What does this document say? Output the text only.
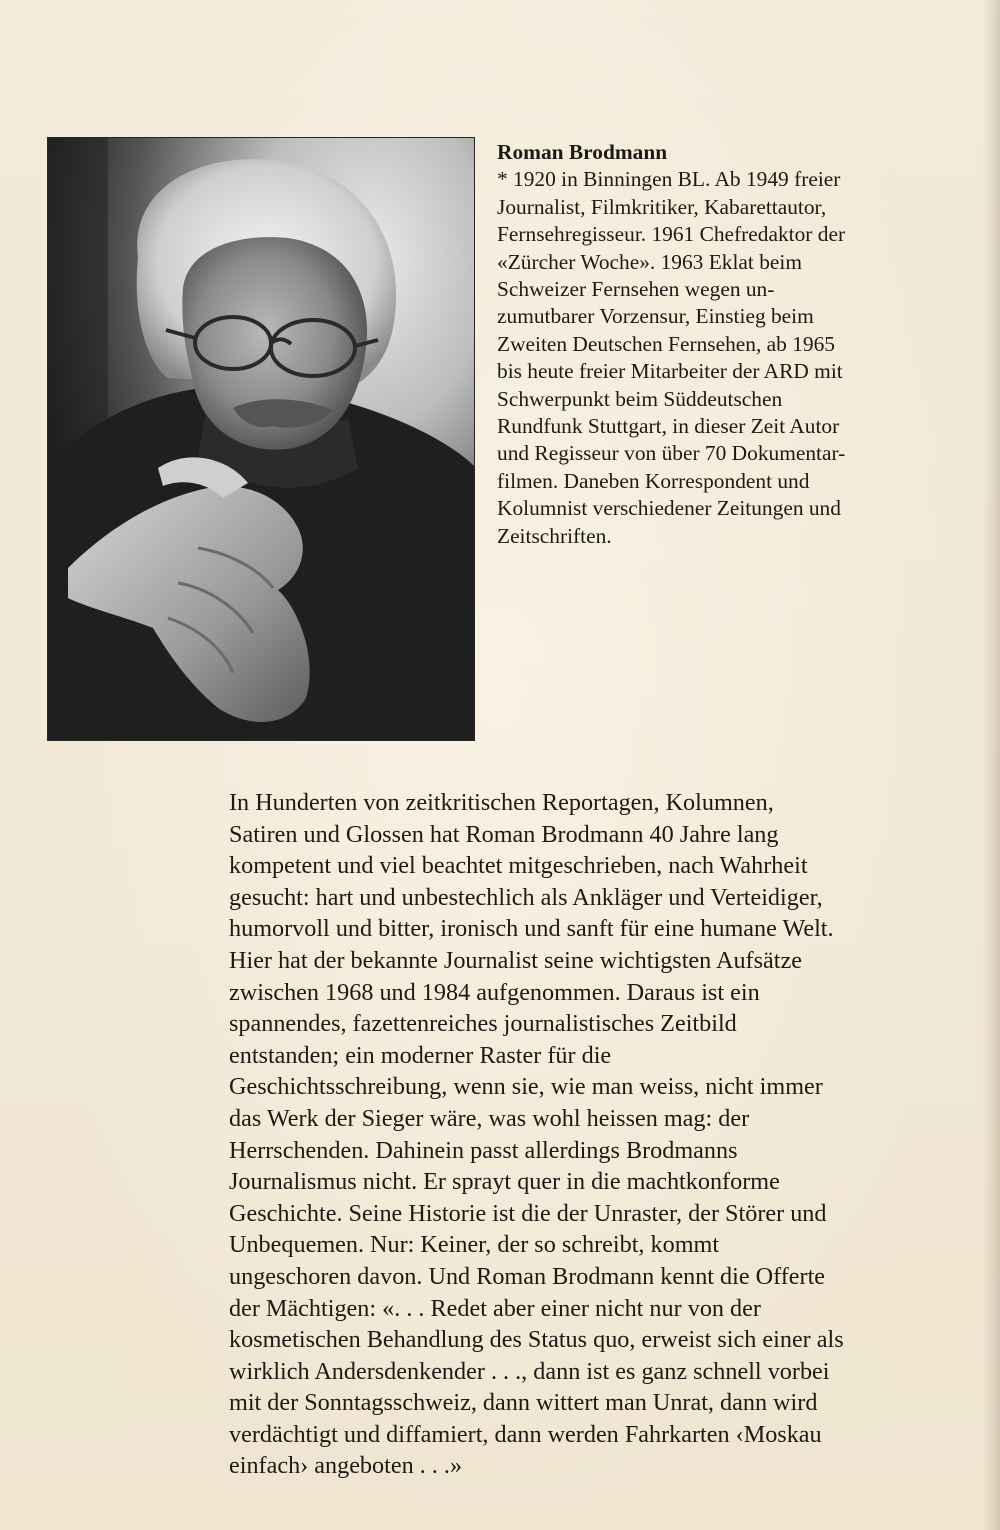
Roman Brodmann

* 1920 in Binningen BL. Ab 1949 freier

Journalist, Filmkritiker, Kabarettautor,

Fernsehregisseur. 1961 Chefredaktor der

«Zürcher Woche». 1963 Eklat beim

Schweizer Fernsehen wegen un-

zumutbarer Vorzensur, Einstieg beim

Zweiten Deutschen Fernsehen, ab 1965

bis heute freier Mitarbeiter der ARD mit

Schwerpunkt beim Süddeutschen

Rundfunk Stuttgart, in dieser Zeit Autor

und Regisseur von über 70 Dokumentar-

filmen. Daneben Korrespondent und

Kolumnist verschiedener Zeitungen und

Zeitschriften.

In Hunderten von zeitkritischen Reportagen, Kolumnen,

Satiren und Glossen hat Roman Brodmann 40 Jahre lang

kompetent und viel beachtet mitgeschrieben, nach Wahrheit

gesucht: hart und unbestechlich als Ankläger und Verteidiger,

humorvoll und bitter, ironisch und sanft für eine humane Welt.

Hier hat der bekannte Journalist seine wichtigsten Aufsätze

zwischen 1968 und 1984 aufgenommen. Daraus ist ein

spannendes, fazettenreiches journalistisches Zeitbild

entstanden; ein moderner Raster für die

Geschichtsschreibung, wenn sie, wie man weiss, nicht immer

das Werk der Sieger wäre, was wohl heissen mag: der

Herrschenden. Dahinein passt allerdings Brodmanns

Journalismus nicht. Er sprayt quer in die machtkonforme

Geschichte. Seine Historie ist die der Unraster, der Störer und

Unbequemen. Nur: Keiner, der so schreibt, kommt

ungeschoren davon. Und Roman Brodmann kennt die Offerte

der Mächtigen: «. . . Redet aber einer nicht nur von der

kosmetischen Behandlung des Status quo, erweist sich einer als

wirklich Andersdenkender . . ., dann ist es ganz schnell vorbei

mit der Sonntagsschweiz, dann wittert man Unrat, dann wird

verdächtigt und diffamiert, dann werden Fahrkarten ‹Moskau

einfach› angeboten . . .»
